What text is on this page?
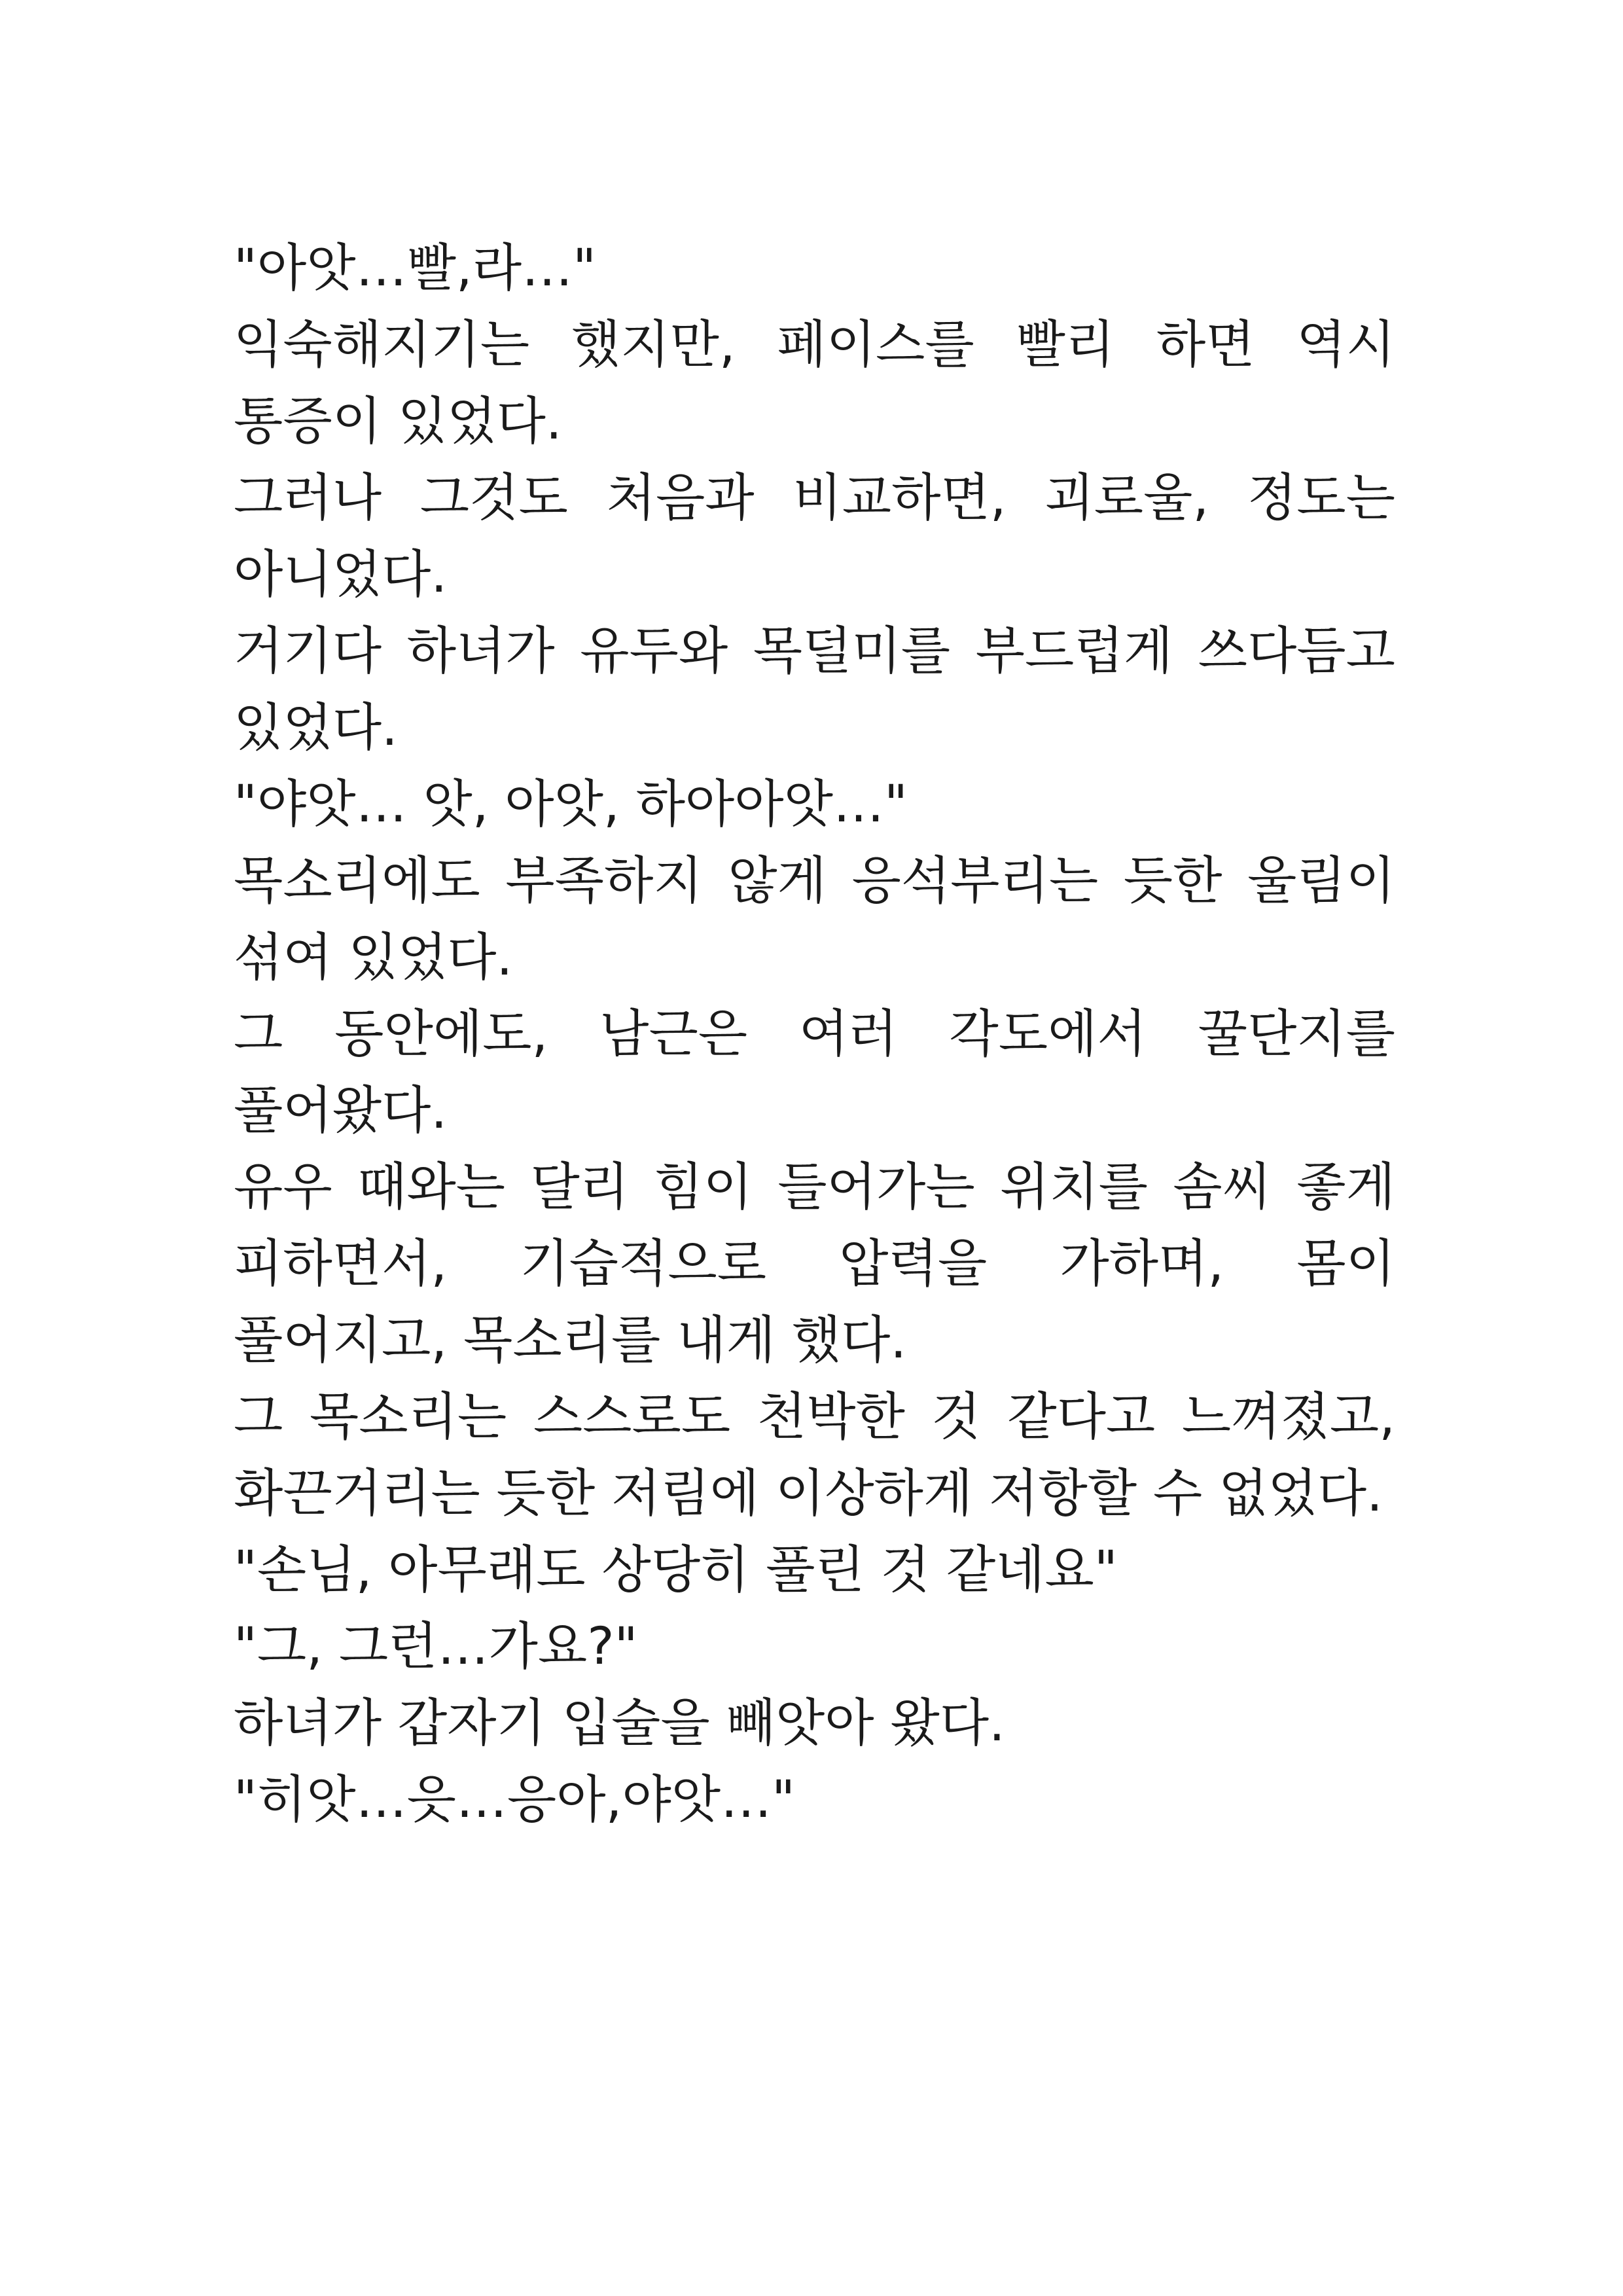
"아앗…빨,라…"

익숙해지기는 했지만, 페이스를 빨리 하면 역시 통증이 있었다.

그러나 그것도 처음과 비교하면, 괴로울, 정도는 아니었다.

거기다 하녀가 유두와 목덜미를 부드럽게 쓰다듬고 있었다.

"야앗… 앗, 아앗, 하아아앗…"

목소리에도 부족하지 않게 응석부리는 듯한 울림이 섞여 있었다.

그 동안에도, 남근은 여러 각도에서 꿀단지를 풀어왔다.

유우 때와는 달리 힘이 들어가는 위치를 솜씨 좋게 피하면서, 기습적으로 압력을 가하며, 몸이 풀어지고, 목소리를 내게 했다.

그 목소리는 스스로도 천박한 것 같다고 느껴졌고, 화끈거리는 듯한 저림에 이상하게 저항할 수 없었다.

"손님, 아무래도 상당히 풀린 것 같네요"

"그, 그런…가요?"

하녀가 갑자기 입술을 빼앗아 왔다.

"히앗…읏…응아,야앗…"
